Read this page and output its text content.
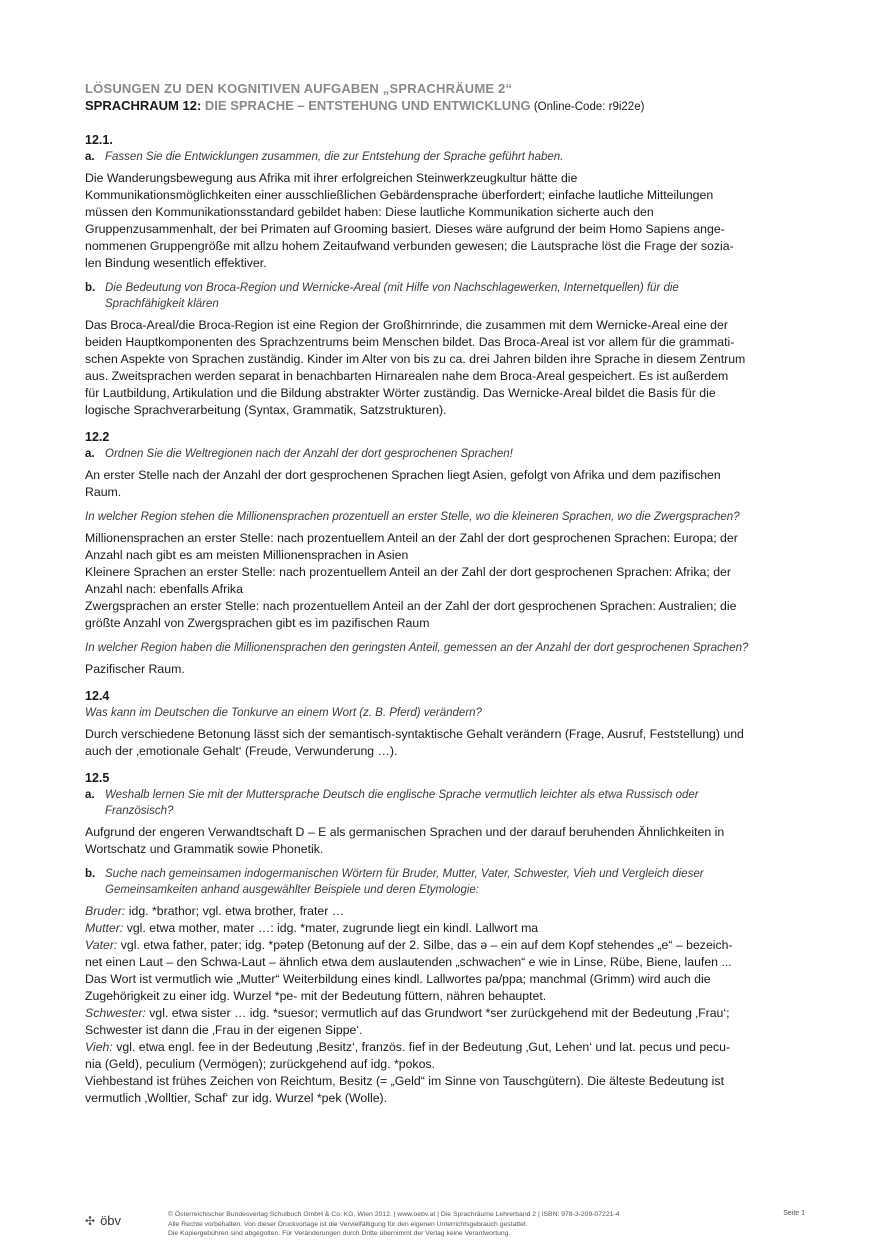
LÖSUNGEN ZU DEN KOGNITIVEN AUFGABEN „SPRACHRÄUME 2“
SPRACHRAUM 12: DIE SPRACHE – ENTSTEHUNG UND ENTWICKLUNG (Online-Code: r9i22e)
12.1.
a. Fassen Sie die Entwicklungen zusammen, die zur Entstehung der Sprache geführt haben.
Die Wanderungsbewegung aus Afrika mit ihrer erfolgreichen Steinwerkzeugkultur hätte die
Kommunikationsmöglichkeiten einer ausschließlichen Gebärdensprache überfordert; einfache lautliche Mitteilungen
müssen den Kommunikationsstandard gebildet haben: Diese lautliche Kommunikation sicherte auch den
Gruppenzusammenhalt, der bei Primaten auf Grooming basiert. Dieses wäre aufgrund der beim Homo Sapiens ange-
nommenen Gruppengröße mit allzu hohem Zeitaufwand verbunden gewesen; die Lautsprache löst die Frage der sozia-
len Bindung wesentlich effektiver.
b. Die Bedeutung von Broca-Region und Wernicke-Areal (mit Hilfe von Nachschlagewerken, Internetquellen) für die
Sprachfähigkeit klären
Das Broca-Areal/die Broca-Region ist eine Region der Großhirnrinde, die zusammen mit dem Wernicke-Areal eine der
beiden Hauptkomponenten des Sprachzentrums beim Menschen bildet. Das Broca-Areal ist vor allem für die grammati-
schen Aspekte von Sprachen zuständig. Kinder im Alter von bis zu ca. drei Jahren bilden ihre Sprache in diesem Zentrum
aus. Zweitsprachen werden separat in benachbarten Hirnarealen nahe dem Broca-Areal gespeichert. Es ist außerdem
für Lautbildung, Artikulation und die Bildung abstrakter Wörter zuständig. Das Wernicke-Areal bildet die Basis für die
logische Sprachverarbeitung (Syntax, Grammatik, Satzstrukturen).
12.2
a. Ordnen Sie die Weltregionen nach der Anzahl der dort gesprochenen Sprachen!
An erster Stelle nach der Anzahl der dort gesprochenen Sprachen liegt Asien, gefolgt von Afrika und dem pazifischen
Raum.
In welcher Region stehen die Millionensprachen prozentuell an erster Stelle, wo die kleineren Sprachen, wo die Zwergsprachen?
Millionensprachen an erster Stelle: nach prozentuellem Anteil an der Zahl der dort gesprochenen Sprachen: Europa; der
Anzahl nach gibt es am meisten Millionensprachen in Asien
Kleinere Sprachen an erster Stelle: nach prozentuellem Anteil an der Zahl der dort gesprochenen Sprachen: Afrika; der
Anzahl nach: ebenfalls Afrika
Zwergsprachen an erster Stelle: nach prozentuellem Anteil an der Zahl der dort gesprochenen Sprachen: Australien; die
größte Anzahl von Zwergsprachen gibt es im pazifischen Raum
In welcher Region haben die Millionensprachen den geringsten Anteil, gemessen an der Anzahl der dort gesprochenen Sprachen?
Pazifischer Raum.
12.4
Was kann im Deutschen die Tonkurve an einem Wort (z. B. Pferd) verändern?
Durch verschiedene Betonung lässt sich der semantisch-syntaktische Gehalt verändern (Frage, Ausruf, Feststellung) und
auch der ‚emotionale Gehalt‘ (Freude, Verwunderung …).
12.5
a. Weshalb lernen Sie mit der Muttersprache Deutsch die englische Sprache vermutlich leichter als etwa Russisch oder
Französisch?
Aufgrund der engeren Verwandtschaft D – E als germanischen Sprachen und der darauf beruhenden Ähnlichkeiten in
Wortschatz und Grammatik sowie Phonetik.
b. Suche nach gemeinsamen indogermanischen Wörtern für Bruder, Mutter, Vater, Schwester, Vieh und Vergleich dieser
Gemeinsamkeiten anhand ausgewählter Beispiele und deren Etymologie:
Bruder: idg. *brathor; vgl. etwa brother, frater …
Mutter: vgl. etwa mother, mater …: idg. *mater, zugrunde liegt ein kindl. Lallwort ma
Vater: vgl. etwa father, pater; idg. *pətер (Betonung auf der 2. Silbe, das ə – ein auf dem Kopf stehendes „e“ – bezeich-
net einen Laut – den Schwa-Laut – ähnlich etwa dem auslautenden „schwachen“ e wie in Linse, Rübe, Biene, laufen ...
Das Wort ist vermutlich wie „Mutter“ Weiterbildung eines kindl. Lallwortes pa/ppa; manchmal (Grimm) wird auch die
Zugehörigkeit zu einer idg. Wurzel *pe- mit der Bedeutung füttern, nähren behauptet.
Schwester: vgl. etwa sister … idg. *suesor; vermutlich auf das Grundwort *ser zurückgehend mit der Bedeutung ‚Frau‘;
Schwester ist dann die ‚Frau in der eigenen Sippe‘.
Vieh: vgl. etwa engl. fee in der Bedeutung ‚Besitz‘, französ. fief in der Bedeutung ‚Gut, Lehen‘ und lat. pecus und pecu-
nia (Geld), peculium (Vermögen); zurückgehend auf idg. *pokos.
Viehbestand ist frühes Zeichen von Reichtum, Besitz (= „Geld“ im Sinne von Tauschgütern). Die älteste Bedeutung ist
vermutlich ‚Wolltier, Schaf‘ zur idg. Wurzel *pek (Wolle).
✣ öbv	© Österreichischer Bundesverlag Schulbuch GmbH & Co. KG, Wien 2012. | www.oebv.at | Die Sprachräume Lehrerband 2 | ISBN: 978-3-209-07221-4
Alle Rechte vorbehalten. Von dieser Druckvorlage ist die Vervielfältigung für den eigenen Unterrichtsgebrauch gestattet.
Die Kopiergebühren sind abgegolten. Für Veränderungen durch Dritte übernimmt der Verlag keine Verantwortung.
Seite 1
